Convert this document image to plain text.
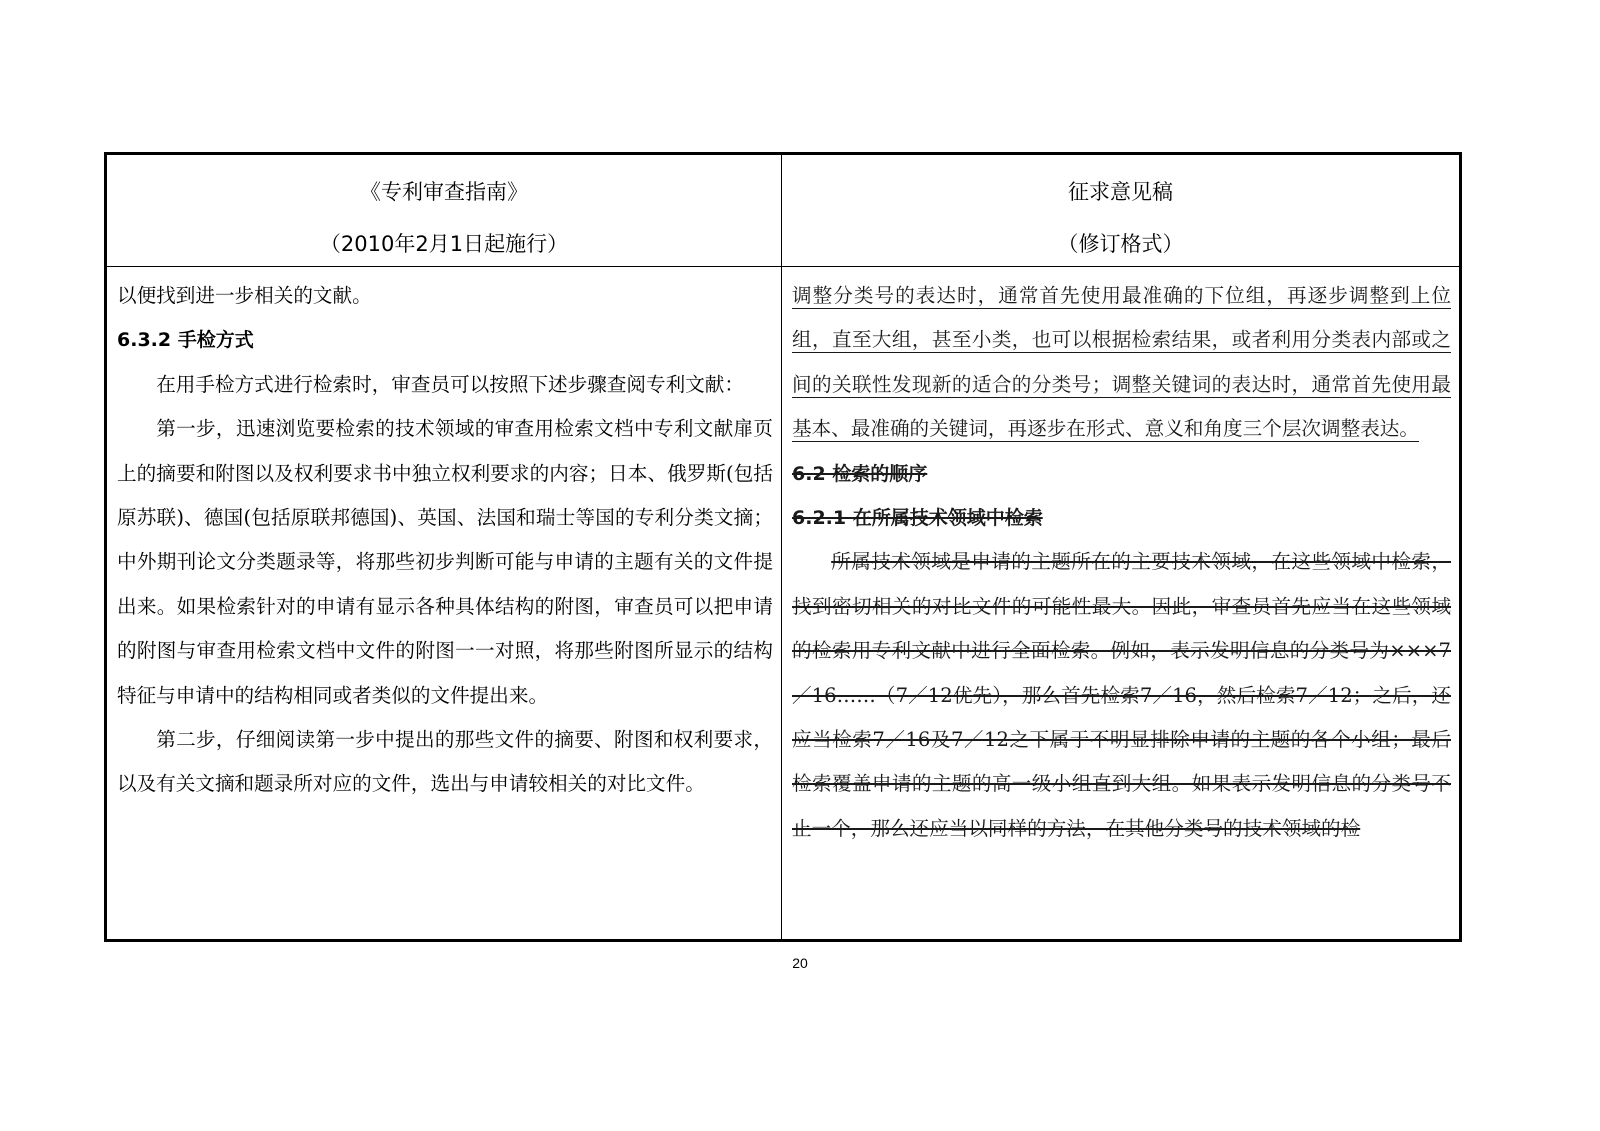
《专利审查指南》
（2010年2月1日起施行）
征求意见稿
（修订格式）

以便找到进一步相关的文献。

6.3.2 手检方式

在用手检方式进行检索时，审查员可以按照下述步骤查阅专利文献：

第一步，迅速浏览要检索的技术领域的审查用检索文档中专利文献扉页上的摘要和附图以及权利要求书中独立权利要求的内容；日本、俄罗斯(包括原苏联)、德国(包括原联邦德国)、英国、法国和瑞士等国的专利分类文摘；中外期刊论文分类题录等，将那些初步判断可能与申请的主题有关的文件提出来。如果检索针对的申请有显示各种具体结构的附图，审查员可以把申请的附图与审查用检索文档中文件的附图一一对照，将那些附图所显示的结构特征与申请中的结构相同或者类似的文件提出来。

第二步，仔细阅读第一步中提出的那些文件的摘要、附图和权利要求，以及有关文摘和题录所对应的文件，选出与申请较相关的对比文件。

调整分类号的表达时，通常首先使用最准确的下位组，再逐步调整到上位组，直至大组，甚至小类，也可以根据检索结果，或者利用分类表内部或之间的关联性发现新的适合的分类号；调整关键词的表达时，通常首先使用最基本、最准确的关键词，再逐步在形式、意义和角度三个层次调整表达。

6.2 检索的顺序

6.2.1 在所属技术领域中检索

所属技术领域是申请的主题所在的主要技术领域，在这些领域中检索，找到密切相关的对比文件的可能性最大。因此，审查员首先应当在这些领域的检索用专利文献中进行全面检索。例如，表示发明信息的分类号为×××7／16……（7／12优先），那么首先检索7／16，然后检索7／12；之后，还应当检索7／16及7／12之下属于不明显排除申请的主题的各个小组；最后检索覆盖申请的主题的高一级小组直到大组。如果表示发明信息的分类号不止一个，那么还应当以同样的方法，在其他分类号的技术领域的检

20
